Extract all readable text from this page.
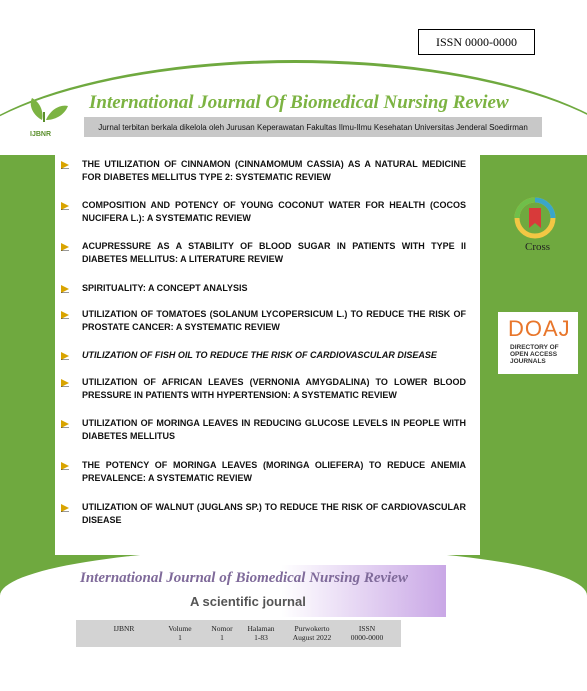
ISSN 0000-0000
IJBNR
International Journal Of Biomedical Nursing Review
Jurnal terbitan berkala dikelola oleh Jurusan Keperawatan Fakultas Ilmu-Ilmu Kesehatan Universitas Jenderal Soedirman
THE UTILIZATION OF CINNAMON (CINNAMOMUM CASSIA) AS A NATURAL MEDICINE FOR DIABETES MELLITUS TYPE 2: SYSTEMATIC REVIEW
COMPOSITION AND POTENCY OF YOUNG COCONUT WATER FOR HEALTH (COCOS NUCIFERA L.): A SYSTEMATIC REVIEW
ACUPRESSURE AS A STABILITY OF BLOOD SUGAR IN PATIENTS WITH TYPE II DIABETES MELLITUS: A LITERATURE REVIEW
SPIRITUALITY: A CONCEPT ANALYSIS
UTILIZATION OF TOMATOES (SOLANUM LYCOPERSICUM L.) TO REDUCE THE RISK OF PROSTATE CANCER: A SYSTEMATIC REVIEW
UTILIZATION OF FISH OIL TO REDUCE THE RISK OF CARDIOVASCULAR DISEASE
UTILIZATION OF AFRICAN LEAVES (VERNONIA AMYGDALINA) TO LOWER BLOOD PRESSURE IN PATIENTS WITH HYPERTENSION: A SYSTEMATIC REVIEW
UTILIZATION OF MORINGA LEAVES IN REDUCING GLUCOSE LEVELS IN PEOPLE WITH DIABETES MELLITUS
THE POTENCY OF MORINGA LEAVES (MORINGA OLIEFERA) TO REDUCE ANEMIA PREVALENCE: A SYSTEMATIC REVIEW
UTILIZATION OF WALNUT (JUGLANS SP.) TO REDUCE THE RISK OF CARDIOVASCULAR DISEASE
Cross
DOAJ
DIRECTORY OF
OPEN ACCESS
JOURNALS
International Journal of Biomedical Nursing Review
A scientific journal
IJBNR	Volume
1
Nomor
1
Halaman
1-83
Purwokerto
August 2022
ISSN
0000-0000
